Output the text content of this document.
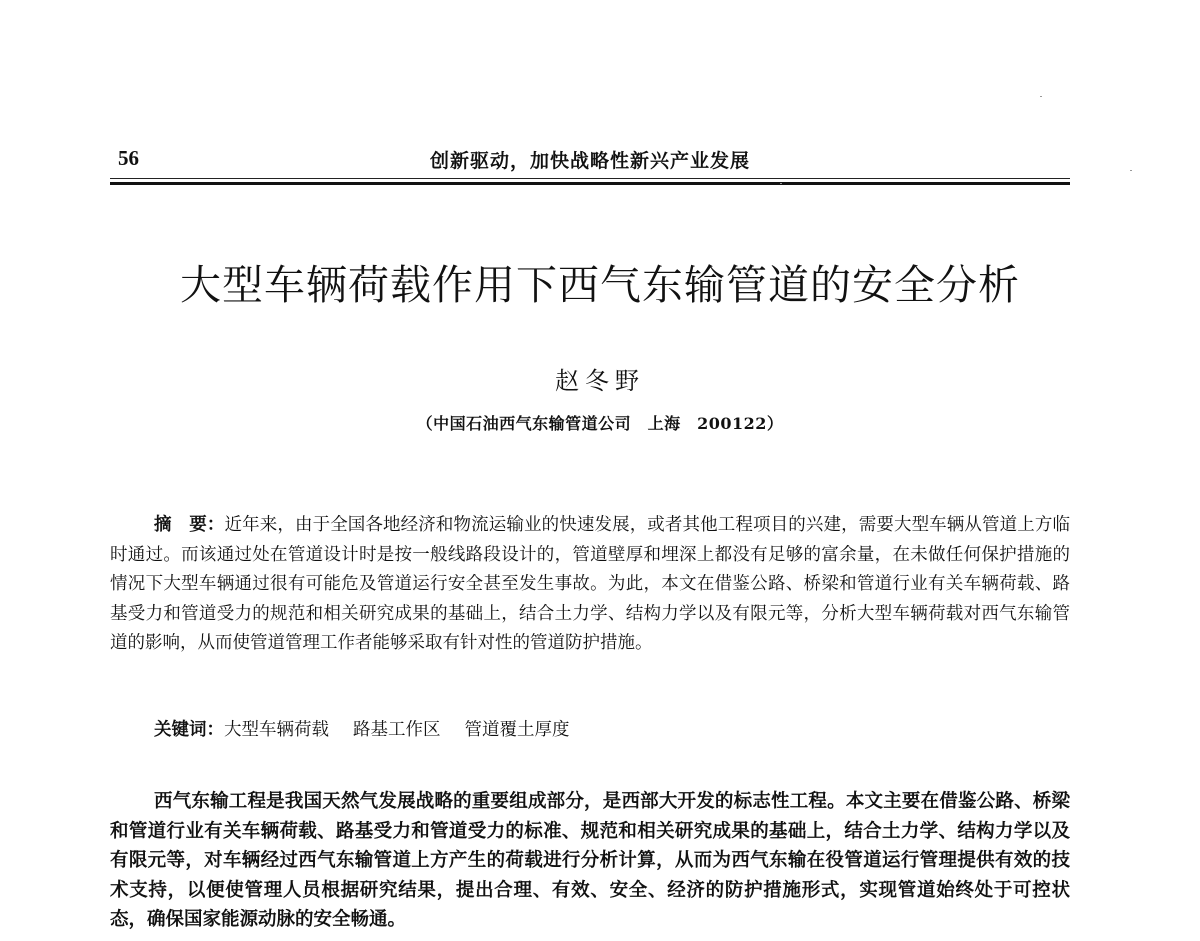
56	创新驱动，加快战略性新兴产业发展
大型车辆荷载作用下西气东输管道的安全分析
赵冬野
（中国石油西气东输管道公司　上海　200122）

摘　要：近年来，由于全国各地经济和物流运输业的快速发展，或者其他工程项目的兴建，需要大型车辆从管道上方临时通过。而该通过处在管道设计时是按一般线路段设计的，管道壁厚和埋深上都没有足够的富余量，在未做任何保护措施的情况下大型车辆通过很有可能危及管道运行安全甚至发生事故。为此，本文在借鉴公路、桥梁和管道行业有关车辆荷载、路基受力和管道受力的规范和相关研究成果的基础上，结合土力学、结构力学以及有限元等，分析大型车辆荷载对西气东输管道的影响，从而使管道管理工作者能够采取有针对性的管道防护措施。

关键词：大型车辆荷载 路基工作区 管道覆土厚度

西气东输工程是我国天然气发展战略的重要组成部分，是西部大开发的标志性工程。本文主要在借鉴公路、桥梁和管道行业有关车辆荷载、路基受力和管道受力的标准、规范和相关研究成果的基础上，结合土力学、结构力学以及有限元等，对车辆经过西气东输管道上方产生的荷载进行分析计算，从而为西气东输在役管道运行管理提供有效的技术支持，以便使管理人员根据研究结果，提出合理、有效、安全、经济的防护措施形式，实现管道始终处于可控状态，确保国家能源动脉的安全畅通。
